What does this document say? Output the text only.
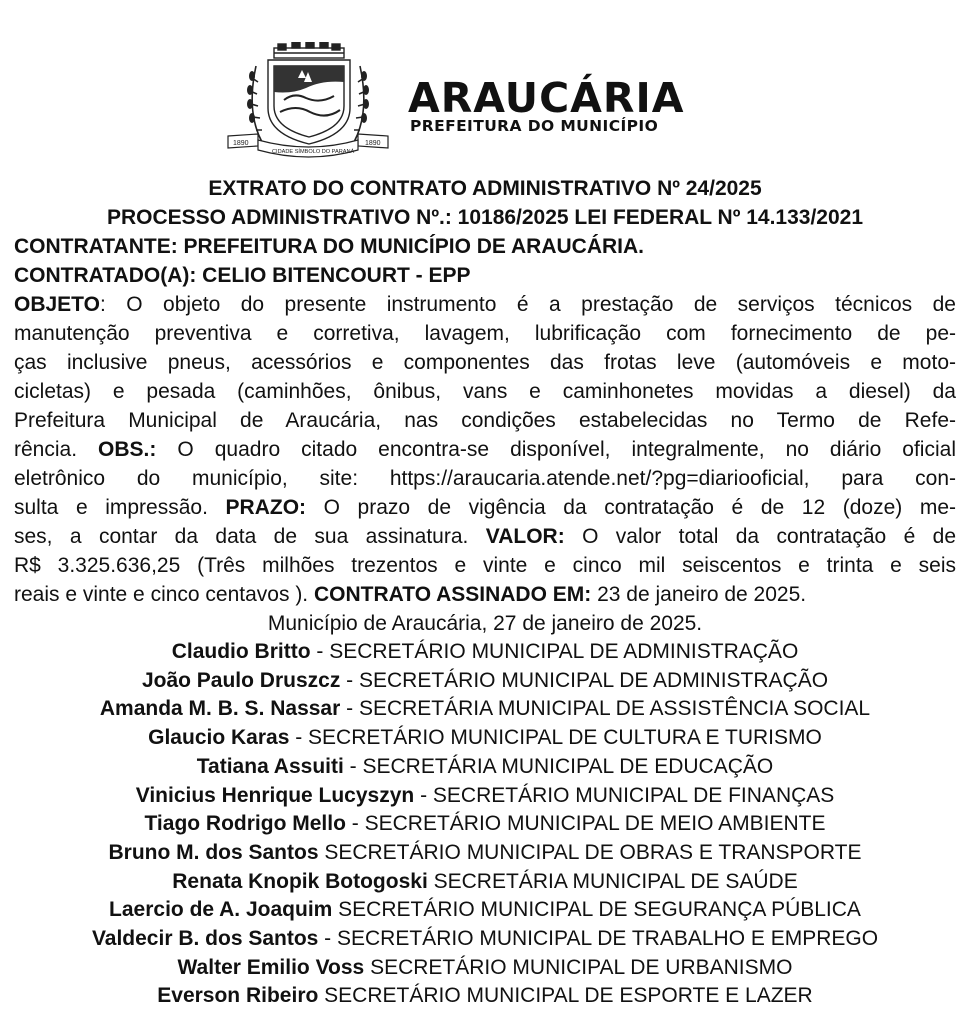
1890
CIDADE SÍMBOLO DO PARANÁ
1890
ARAUCÁRIA
PREFEITURA DO MUNICÍPIO
EXTRATO DO CONTRATO ADMINISTRATIVO Nº 24/2025
PROCESSO ADMINISTRATIVO Nº.: 10186/2025 LEI FEDERAL Nº 14.133/2021
CONTRATANTE: PREFEITURA DO MUNICÍPIO DE ARAUCÁRIA.
CONTRATADO(A): CELIO BITENCOURT - EPP
OBJETO: O objeto do presente instrumento é a prestação de serviços técnicos de
manutenção preventiva e corretiva, lavagem, lubrificação com fornecimento de pe-
ças inclusive pneus, acessórios e componentes das frotas leve (automóveis e moto-
cicletas) e pesada (caminhões, ônibus, vans e caminhonetes movidas a diesel) da
Prefeitura Municipal de Araucária, nas condições estabelecidas no Termo de Refe-
rência. OBS.: O quadro citado encontra-se disponível, integralmente, no diário oficial
eletrônico do município, site: https://araucaria.atende.net/?pg=diariooficial, para con-
sulta e impressão. PRAZO: O prazo de vigência da contratação é de 12 (doze) me-
ses, a contar da data de sua assinatura. VALOR: O valor total da contratação é de
R$ 3.325.636,25 (Três milhões trezentos e vinte e cinco mil seiscentos e trinta e seis
reais e vinte e cinco centavos ). CONTRATO ASSINADO EM: 23 de janeiro de 2025.
Município de Araucária, 27 de janeiro de 2025.
Claudio Britto - SECRETÁRIO MUNICIPAL DE ADMINISTRAÇÃO
João Paulo Druszcz - SECRETÁRIO MUNICIPAL DE ADMINISTRAÇÃO
Amanda M. B. S. Nassar - SECRETÁRIA MUNICIPAL DE ASSISTÊNCIA SOCIAL
Glaucio Karas - SECRETÁRIO MUNICIPAL DE CULTURA E TURISMO
Tatiana Assuiti - SECRETÁRIA MUNICIPAL DE EDUCAÇÃO
Vinicius Henrique Lucyszyn - SECRETÁRIO MUNICIPAL DE FINANÇAS
Tiago Rodrigo Mello - SECRETÁRIO MUNICIPAL DE MEIO AMBIENTE
Bruno M. dos Santos SECRETÁRIO MUNICIPAL DE OBRAS E TRANSPORTE
Renata Knopik Botogoski SECRETÁRIA MUNICIPAL DE SAÚDE
Laercio de A. Joaquim SECRETÁRIO MUNICIPAL DE SEGURANÇA PÚBLICA
Valdecir B. dos Santos - SECRETÁRIO MUNICIPAL DE TRABALHO E EMPREGO
Walter Emilio Voss SECRETÁRIO MUNICIPAL DE URBANISMO
Everson Ribeiro SECRETÁRIO MUNICIPAL DE ESPORTE E LAZER
